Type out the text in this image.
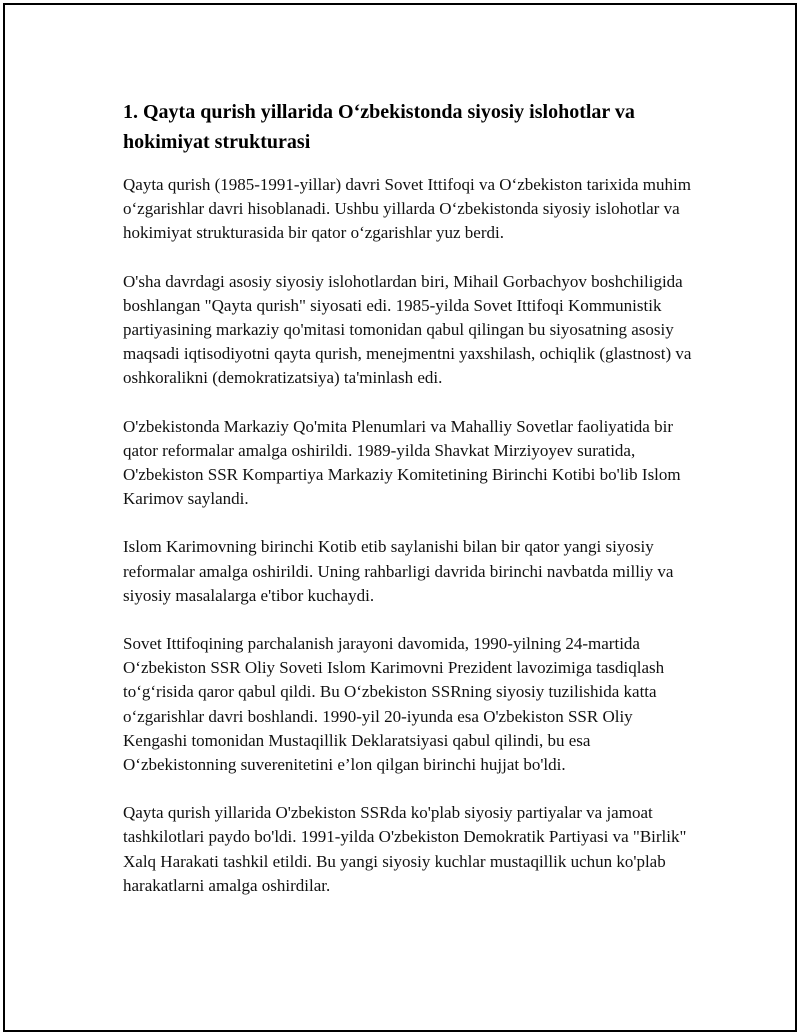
1. Qayta qurish yillarida O‘zbekistonda siyosiy islohotlar va hokimiyat strukturasi

Qayta qurish (1985-1991-yillar) davri Sovet Ittifoqi va O‘zbekiston tarixida muhim o‘zgarishlar davri hisoblanadi. Ushbu yillarda O‘zbekistonda siyosiy islohotlar va hokimiyat strukturasida bir qator o‘zgarishlar yuz berdi.

O'sha davrdagi asosiy siyosiy islohotlardan biri, Mihail Gorbachyov boshchiligida boshlangan "Qayta qurish" siyosati edi. 1985-yilda Sovet Ittifoqi Kommunistik partiyasining markaziy qo'mitasi tomonidan qabul qilingan bu siyosatning asosiy maqsadi iqtisodiyotni qayta qurish, menejmentni yaxshilash, ochiqlik (glastnost) va oshkoralikni (demokratizatsiya) ta'minlash edi.

O'zbekistonda Markaziy Qo'mita Plenumlari va Mahalliy Sovetlar faoliyatida bir qator reformalar amalga oshirildi. 1989-yilda Shavkat Mirziyoyev suratida, O'zbekiston SSR Kompartiya Markaziy Komitetining Birinchi Kotibi bo'lib Islom Karimov saylandi.

Islom Karimovning birinchi Kotib etib saylanishi bilan bir qator yangi siyosiy reformalar amalga oshirildi. Uning rahbarligi davrida birinchi navbatda milliy va siyosiy masalalarga e'tibor kuchaydi.

Sovet Ittifoqining parchalanish jarayoni davomida, 1990-yilning 24-martida O‘zbekiston SSR Oliy Soveti Islom Karimovni Prezident lavozimiga tasdiqlash to‘g‘risida qaror qabul qildi. Bu O‘zbekiston SSRning siyosiy tuzilishida katta o‘zgarishlar davri boshlandi. 1990-yil 20-iyunda esa O'zbekiston SSR Oliy Kengashi tomonidan Mustaqillik Deklaratsiyasi qabul qilindi, bu esa O‘zbekistonning suverenitetini e’lon qilgan birinchi hujjat bo'ldi.

Qayta qurish yillarida O'zbekiston SSRda ko'plab siyosiy partiyalar va jamoat tashkilotlari paydo bo'ldi. 1991-yilda O'zbekiston Demokratik Partiyasi va "Birlik" Xalq Harakati tashkil etildi. Bu yangi siyosiy kuchlar mustaqillik uchun ko'plab harakatlarni amalga oshirdilar.
